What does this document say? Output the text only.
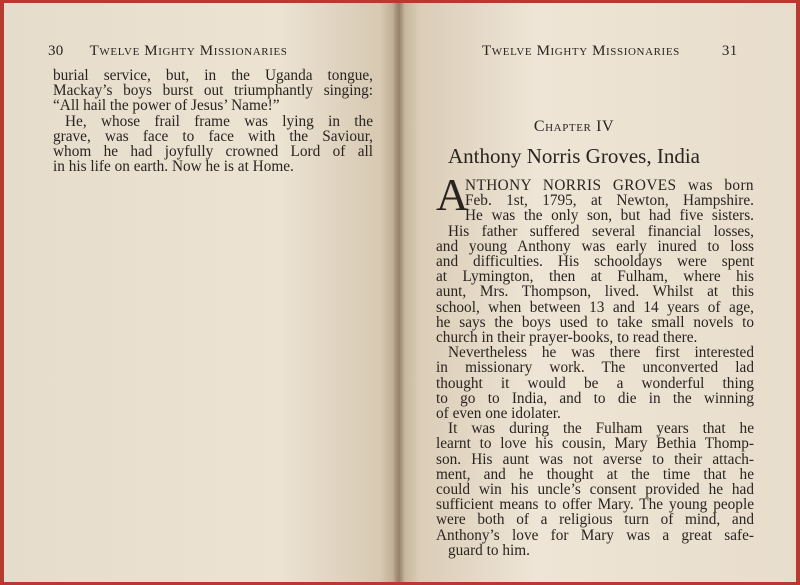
30 Twelve Mighty Missionaries
burial service, but, in the Uganda tongue,
Mackay’s boys burst out triumphantly singing:
“All hail the power of Jesus’ Name!”
He, whose frail frame was lying in the
grave, was face to face with the Saviour,
whom he had joyfully crowned Lord of all
in his life on earth. Now he is at Home.
Twelve Mighty Missionaries	31
Chapter IV
Anthony Norris Groves, India
A
NTHONY NORRIS GROVES was born
Feb. 1st, 1795, at Newton, Hampshire.
He was the only son, but had five sisters.
His father suffered several financial losses,
and young Anthony was early inured to loss
and difficulties. His schooldays were spent
at Lymington, then at Fulham, where his
aunt, Mrs. Thompson, lived. Whilst at this
school, when between 13 and 14 years of age,
he says the boys used to take small novels to
church in their prayer-books, to read there.
Nevertheless he was there first interested
in missionary work. The unconverted lad
thought it would be a wonderful thing
to go to India, and to die in the winning
of even one idolater.
It was during the Fulham years that he
learnt to love his cousin, Mary Bethia Thomp-
son. His aunt was not averse to their attach-
ment, and he thought at the time that he
could win his uncle’s consent provided he had
sufficient means to offer Mary. The young people
were both of a religious turn of mind, and
Anthony’s love for Mary was a great safe-
guard to him.
